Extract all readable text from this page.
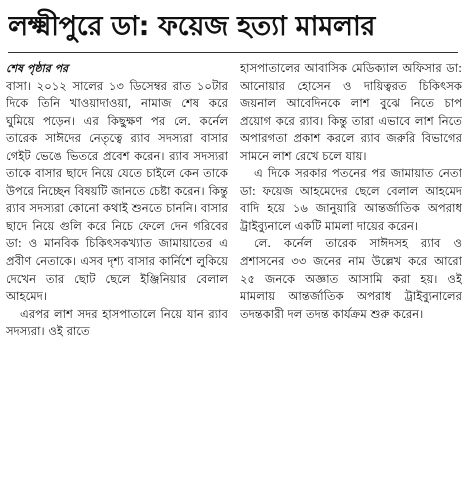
লক্ষ্মীপুরে ডা: ফয়েজ হত্যা মামলার

শেষ পৃষ্ঠার পর

বাসা। ২০১২ সালের ১৩ ডিসেম্বর রাত ১০টার দিকে তিনি খাওয়াদাওয়া, নামাজ শেষ করে ঘুমিয়ে পড়েন। এর কিছুক্ষণ পর লে. কর্নেল তারেক সাঈদের নেতৃত্বে র‍্যাব সদস্যরা বাসার গেইট ভেঙে ভিতরে প্রবেশ করেন। র‍্যাব সদস্যরা তাকে বাসার ছাদে নিয়ে যেতে চাইলে কেন তাকে উপরে নিচ্ছেন বিষয়টি জানতে চেষ্টা করেন। কিন্তু র‍্যাব সদস্যরা কোনো কথাই শুনতে চাননি। বাসার ছাদে নিয়ে গুলি করে নিচে ফেলে দেন গরিবের ডা: ও মানবিক চিকিৎসকখ্যাত জামায়াতের এ প্রবীণ নেতাকে। এসব দৃশ্য বাসার কার্নিশে লুকিয়ে দেখেন তার ছোট ছেলে ইঞ্জিনিয়ার বেলাল আহমেদ।

এরপর লাশ সদর হাসপাতালে নিয়ে যান র‍্যাব সদস্যরা। ওই রাতে

হাসপাতালের আবাসিক মেডিক্যাল অফিসার ডা: আনোয়ার হোসেন ও দায়িত্বরত চিকিৎসক জয়নাল আবেদিনকে লাশ বুঝে নিতে চাপ প্রয়োগ করে র‍্যাব। কিন্তু তারা এভাবে লাশ নিতে অপারগতা প্রকাশ করলে র‍্যাব জরুরি বিভাগের সামনে লাশ রেখে চলে যায়।

এ দিকে সরকার পতনের পর জামায়াত নেতা ডা: ফয়েজ আহমেদের ছেলে বেলাল আহমেদ বাদি হয়ে ১৬ জানুয়ারি আন্তর্জাতিক অপরাধ ট্রাইব্যুনালে একটি মামলা দায়ের করেন।

লে. কর্নেল তারেক সাঈদসহ র‍্যাব ও প্রশাসনের ৩৩ জনের নাম উল্লেখ করে আরো ২৫ জনকে অজ্ঞাত আসামি করা হয়। ওই মামলায় আন্তর্জাতিক অপরাধ ট্রাইব্যুনালের তদন্তকারী দল তদন্ত কার্যক্রম শুরু করেন।
